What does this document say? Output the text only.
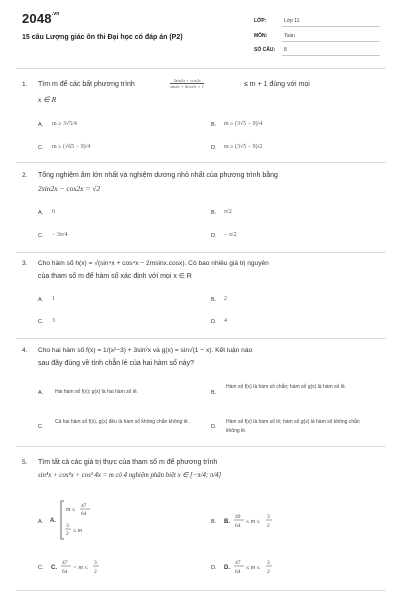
$2048^{.vn}$
15 câu Lượng giác ôn thi Đại học có đáp án (P2)
LỚP:	Lớp 11
MÔN:	Toán
SỐ CÂU: 8
1. Tìm m để các bất phương trình	$\frac{3\sin 2x + \cos 2x}{\text{sin2x + 4cos²x + 1}}$	≤ m + 1 đúng với mọi
x ∈ R
A. m ≥ 3√5/4	B. m ≥ (3√5 − 9)/4
C. m ≥ (√65 − 9)/4	D. m ≥ (3√5 − 9)/2
2. Tổng nghiệm âm lớn nhất và nghiệm dương nhỏ nhất của phương trình bằng
2sin2x − cos2x = √2
A. 0	B. π/2
C. − 3π/4	D. − π/2
3. Cho hàm số h(x) = √(sin⁴x + cos⁴x − 2msinx.cosx). Có bao nhiêu giá trị nguyên
của tham số m để hàm số xác định với mọi x ∈ R
A. 1	B. 2
C. 3	D. 4
4. Cho hai hàm số f(x) = 1/(x²−3) + 3sin²x và g(x) = sin√(1 − x). Kết luận nào
sau đây đúng về tính chẵn lẻ của hai hàm số này?
A. Hai hàm số f(x); g(x) là hai hàm số lẻ.	B.
Hàm số f(x) là hàm số chẵn; hàm số g(x) là hàm số lẻ.
C.
Cả hai hàm số f(x), g(x) đều là hàm số không chẵn không lẻ.
D.
Hàm số f(x) là hàm số lẻ; hàm số g(x) là hàm số không chẵn không lẻ.
5. Tìm tất cả các giá trị thực của tham số m để phương trình
sin⁴x + cos⁴x + cos² 4x = m có 4 nghiệm phân biệt x ∈ [−π/4; π/4]
A. A.
m ≤
47
64
3
2 ≤ m
B. B.
49
64
≤ m ≤
3
2
C. C.
47
64
< m ≤
3
2
D. D.
47
64
≤ m ≤
3
2
